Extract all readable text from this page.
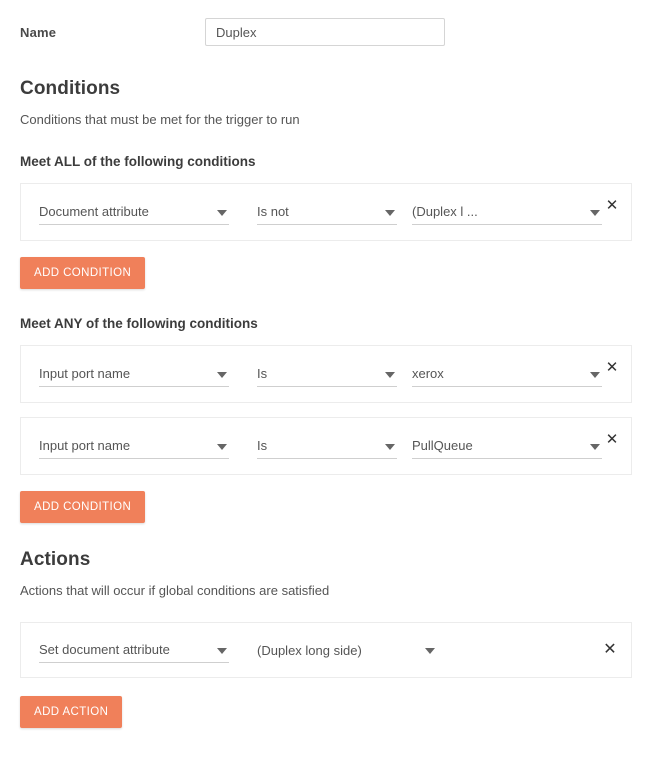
Name
Duplex
Conditions

Conditions that must be met for the trigger to run

Meet ALL of the following conditions
Document attribute	Is not	(Duplex l ...	✕
ADD CONDITION
Meet ANY of the following conditions
Input port name	Is	xerox	✕
Input port name	Is	PullQueue	✕
ADD CONDITION
Actions

Actions that will occur if global conditions are satisfied

Set document attribute	(Duplex long side)	✕
ADD ACTION
